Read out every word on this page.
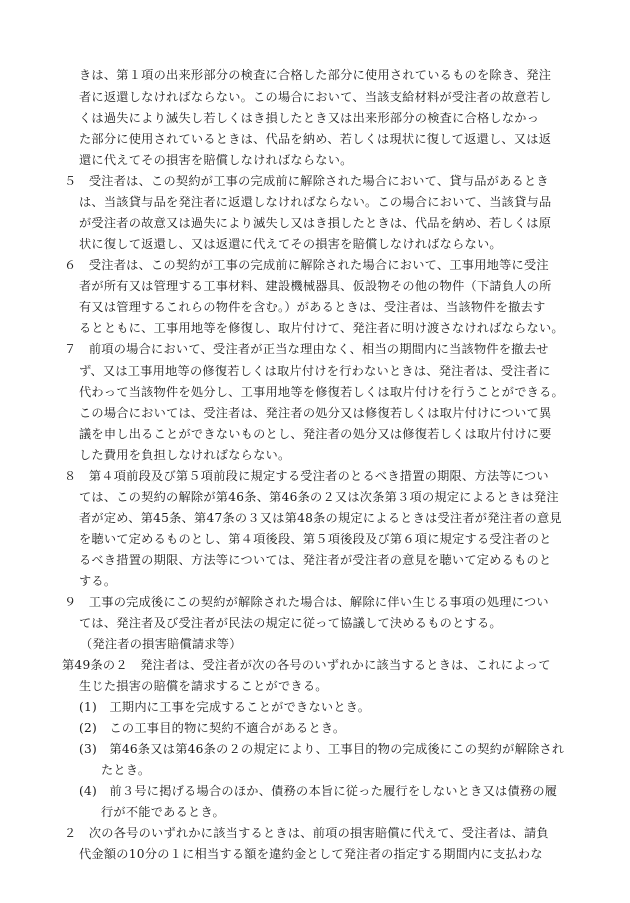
きは、第１項の出来形部分の検査に合格した部分に使用されているものを除き、発注
者に返還しなければならない。この場合において、当該支給材料が受注者の故意若し
くは過失により滅失し若しくはき損したとき又は出来形部分の検査に合格しなかっ
た部分に使用されているときは、代品を納め、若しくは現状に復して返還し、又は返
還に代えてその損害を賠償しなければならない。
５　受注者は、この契約が工事の完成前に解除された場合において、貸与品があるとき
は、当該貸与品を発注者に返還しなければならない。この場合において、当該貸与品
が受注者の故意又は過失により滅失し又はき損したときは、代品を納め、若しくは原
状に復して返還し、又は返還に代えてその損害を賠償しなければならない。
６　受注者は、この契約が工事の完成前に解除された場合において、工事用地等に受注
者が所有又は管理する工事材料、建設機械器具、仮設物その他の物件（下請負人の所
有又は管理するこれらの物件を含む。）があるときは、受注者は、当該物件を撤去す
るとともに、工事用地等を修復し、取片付けて、発注者に明け渡さなければならない。
７　前項の場合において、受注者が正当な理由なく、相当の期間内に当該物件を撤去せ
ず、又は工事用地等の修復若しくは取片付けを行わないときは、発注者は、受注者に
代わって当該物件を処分し、工事用地等を修復若しくは取片付けを行うことができる。
この場合においては、受注者は、発注者の処分又は修復若しくは取片付けについて異
議を申し出ることができないものとし、発注者の処分又は修復若しくは取片付けに要
した費用を負担しなければならない。
８　第４項前段及び第５項前段に規定する受注者のとるべき措置の期限、方法等につい
ては、この契約の解除が第46条、第46条の２又は次条第３項の規定によるときは発注
者が定め、第45条、第47条の３又は第48条の規定によるときは受注者が発注者の意見
を聴いて定めるものとし、第４項後段、第５項後段及び第６項に規定する受注者のと
るべき措置の期限、方法等については、発注者が受注者の意見を聴いて定めるものと
する。
９　工事の完成後にこの契約が解除された場合は、解除に伴い生じる事項の処理につい
ては、発注者及び受注者が民法の規定に従って協議して決めるものとする。
（発注者の損害賠償請求等）
第49条の２　発注者は、受注者が次の各号のいずれかに該当するときは、これによって
生じた損害の賠償を請求することができる。
(1)　工期内に工事を完成することができないとき。
(2)　この工事目的物に契約不適合があるとき。
(3)　第46条又は第46条の２の規定により、工事目的物の完成後にこの契約が解除され
たとき。
(4)　前３号に掲げる場合のほか、債務の本旨に従った履行をしないとき又は債務の履
行が不能であるとき。
２　次の各号のいずれかに該当するときは、前項の損害賠償に代えて、受注者は、請負
代金額の10分の１に相当する額を違約金として発注者の指定する期間内に支払わな
